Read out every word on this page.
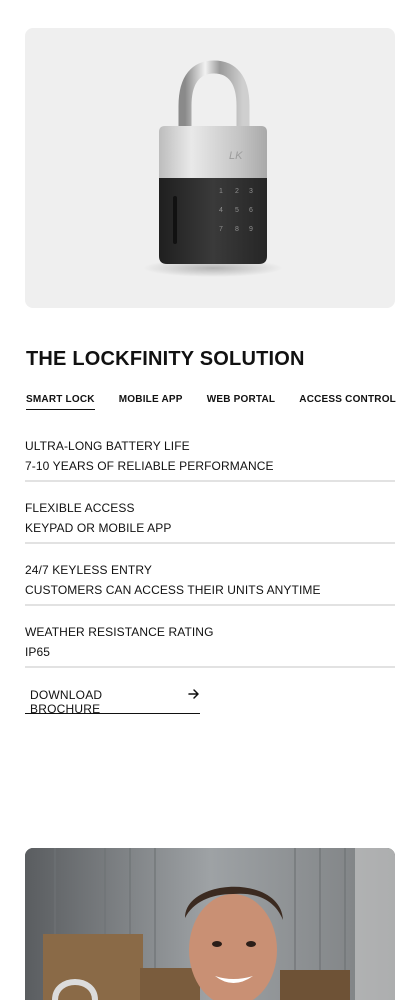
LK
1 2 3
4 5 6
7 8 9
THE LOCKFINITY SOLUTION
SMART LOCK MOBILE APP WEB PORTAL ACCESS CONTROL
ULTRA-LONG BATTERY LIFE
7-10 YEARS OF RELIABLE PERFORMANCE
FLEXIBLE ACCESS
KEYPAD OR MOBILE APP
24/7 KEYLESS ENTRY
CUSTOMERS CAN ACCESS THEIR UNITS ANYTIME
WEATHER RESISTANCE RATING
IP65
DOWNLOAD BROCHURE
